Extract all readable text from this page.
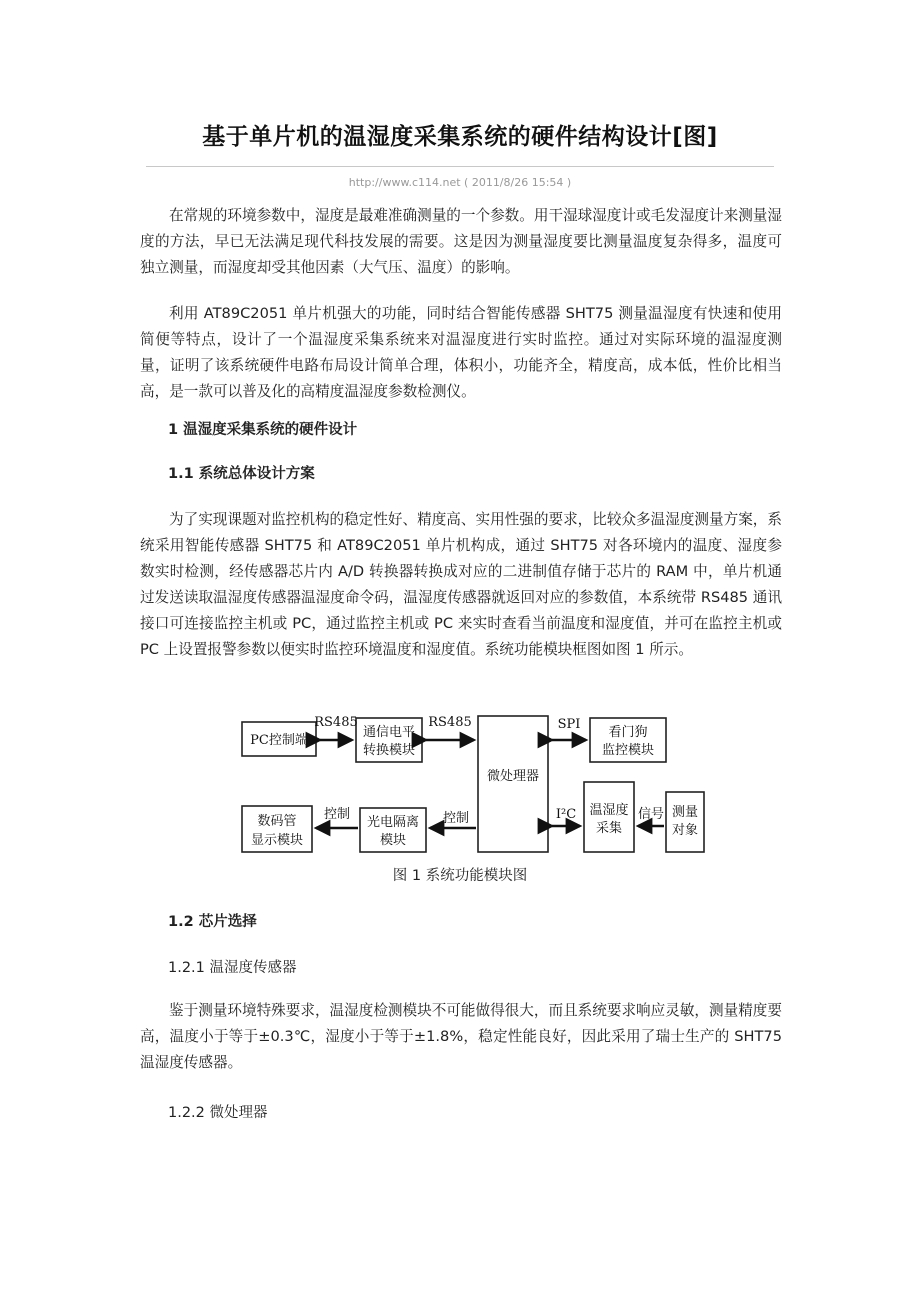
基于单片机的温湿度采集系统的硬件结构设计[图]
http://www.c114.net ( 2011/8/26 15:54 )

在常规的环境参数中，湿度是最难准确测量的一个参数。用干湿球湿度计或毛发湿度计来测量湿度的方法，早已无法满足现代科技发展的需要。这是因为测量湿度要比测量温度复杂得多，温度可独立测量，而湿度却受其他因素（大气压、温度）的影响。

利用 AT89C2051 单片机强大的功能，同时结合智能传感器 SHT75 测量温湿度有快速和使用简便等特点，设计了一个温湿度采集系统来对温湿度进行实时监控。通过对实际环境的温湿度测量，证明了该系统硬件电路布局设计简单合理，体积小，功能齐全，精度高，成本低，性价比相当高，是一款可以普及化的高精度温湿度参数检测仪。

1 温湿度采集系统的硬件设计
1.1 系统总体设计方案

为了实现课题对监控机构的稳定性好、精度高、实用性强的要求，比较众多温湿度测量方案，系统采用智能传感器 SHT75 和 AT89C2051 单片机构成，通过 SHT75 对各环境内的温度、湿度参数实时检测，经传感器芯片内 A/D 转换器转换成对应的二进制值存储于芯片的 RAM 中，单片机通过发送读取温湿度传感器温湿度命令码，温湿度传感器就返回对应的参数值，本系统带 RS485 通讯接口可连接监控主机或 PC，通过监控主机或 PC 来实时查看当前温度和湿度值，并可在监控主机或 PC 上设置报警参数以便实时监控环境温度和湿度值。系统功能模块框图如图 1 所示。

PC控制端
通信电平
转换模块
微处理器
看门狗
监控模块
数码管
显示模块
光电隔离
模块
温湿度
采集
测量
对象
RS485	RS485	SPI
I²C
控制	控制	信号
图 1 系统功能模块图
1.2 芯片选择
1.2.1 温湿度传感器

鉴于测量环境特殊要求，温湿度检测模块不可能做得很大，而且系统要求响应灵敏，测量精度要高，温度小于等于±0.3℃，湿度小于等于±1.8%，稳定性能良好，因此采用了瑞士生产的 SHT75 温湿度传感器。

1.2.2 微处理器
